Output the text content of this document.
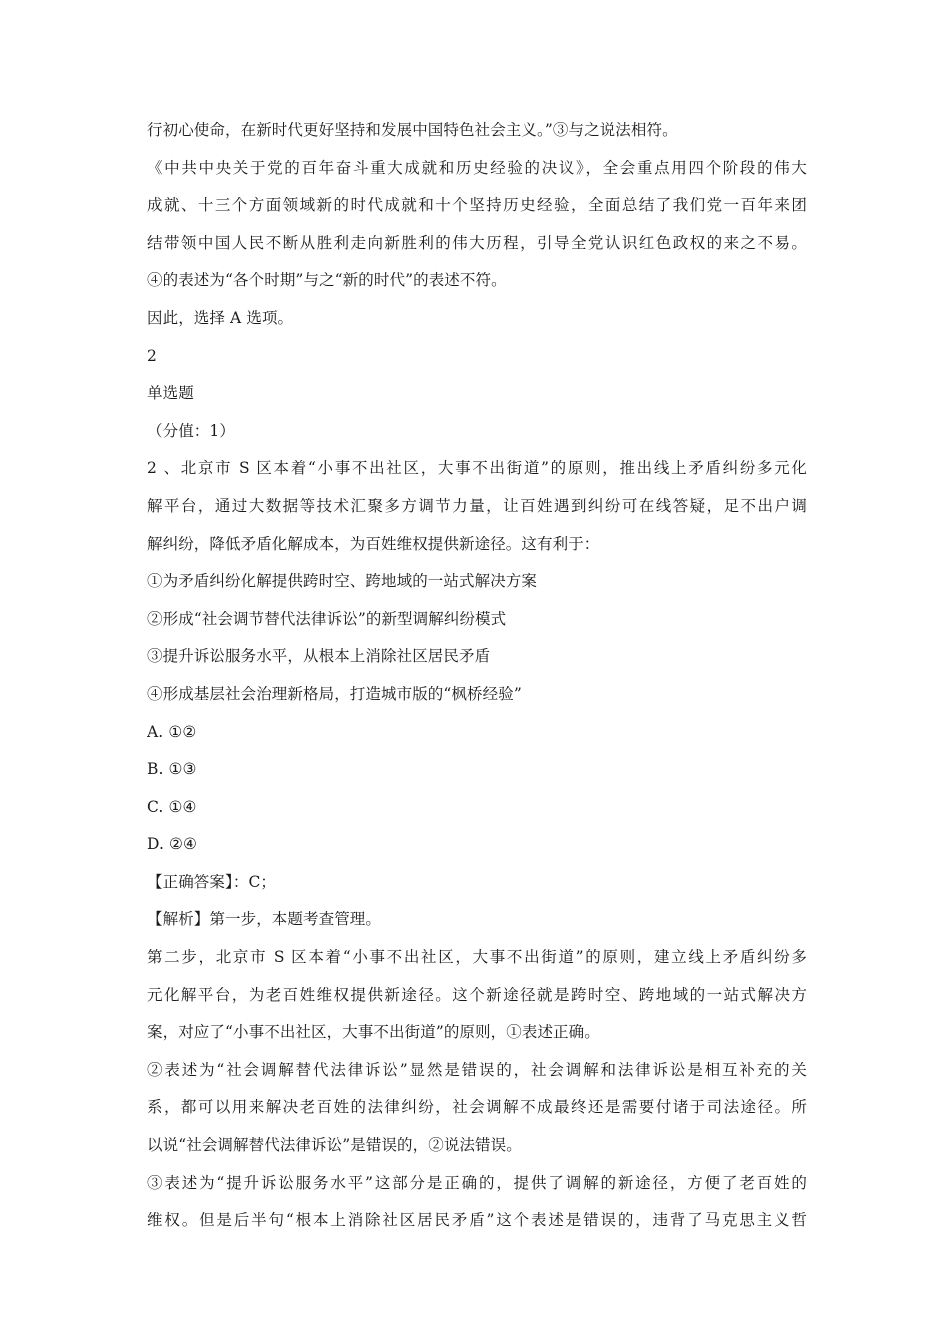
行初心使命，在新时代更好坚持和发展中国特色社会主义。”③与之说法相符。
《中共中央关于党的百年奋斗重大成就和历史经验的决议》，全会重点用四个阶段的伟大
成就、十三个方面领域新的时代成就和十个坚持历史经验，全面总结了我们党一百年来团
结带领中国人民不断从胜利走向新胜利的伟大历程，引导全党认识红色政权的来之不易。
④的表述为“各个时期”与之“新的时代”的表述不符。
因此，选择 A 选项。
2
单选题
（分值：1）
2 、北京市 S 区本着“小事不出社区，大事不出街道”的原则，推出线上矛盾纠纷多元化
解平台，通过大数据等技术汇聚多方调节力量，让百姓遇到纠纷可在线答疑，足不出户调
解纠纷，降低矛盾化解成本，为百姓维权提供新途径。这有利于：
①为矛盾纠纷化解提供跨时空、跨地域的一站式解决方案
②形成“社会调节替代法律诉讼”的新型调解纠纷模式
③提升诉讼服务水平，从根本上消除社区居民矛盾
④形成基层社会治理新格局，打造城市版的“枫桥经验”
A. ①②
B. ①③
C. ①④
D. ②④
【正确答案】：C；
【解析】第一步，本题考查管理。
第二步，北京市 S 区本着“小事不出社区，大事不出街道”的原则，建立线上矛盾纠纷多
元化解平台，为老百姓维权提供新途径。这个新途径就是跨时空、跨地域的一站式解决方
案，对应了“小事不出社区，大事不出街道”的原则，①表述正确。
②表述为“社会调解替代法律诉讼”显然是错误的，社会调解和法律诉讼是相互补充的关
系，都可以用来解决老百姓的法律纠纷，社会调解不成最终还是需要付诸于司法途径。所
以说“社会调解替代法律诉讼”是错误的，②说法错误。
③表述为“提升诉讼服务水平”这部分是正确的，提供了调解的新途径，方便了老百姓的
维权。但是后半句“根本上消除社区居民矛盾”这个表述是错误的，违背了马克思主义哲
